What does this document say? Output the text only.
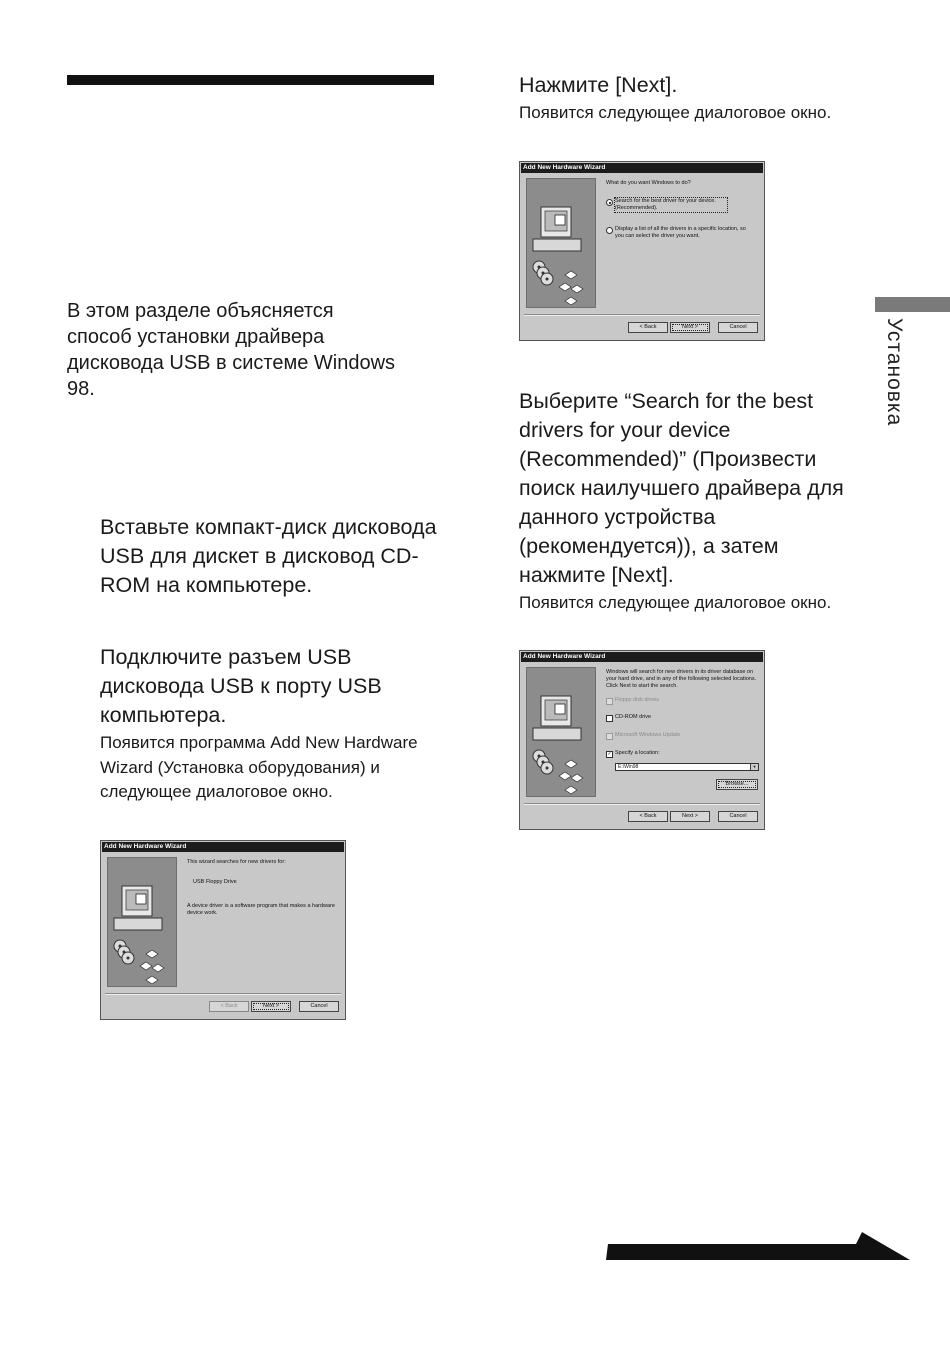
Установка
В этом разделе объясняется способ установки драйвера дисковода USB в системе Windows 98.
Вставьте компакт-диск дисковода USB для дискет в дисковод CD-ROM на компьютере.
Подключите разъем USB дисковода USB к порту USB компьютера.
Появится программа Add New Hardware Wizard (Установка оборудования) и следующее диалоговое окно.
Add New Hardware Wizard
This wizard searches for new drivers for:
USB Floppy Drive
A device driver is a software program that makes a hardware device work.
< Back	Next >	Cancel
Нажмите [Next].
Появится следующее диалоговое окно.
Add New Hardware Wizard
What do you want Windows to do?
Search for the best driver for your device. (Recommended).
Display a list of all the drivers in a specific location, so you can select the driver you want.
< Back	Next >	Cancel
Выберите “Search for the best drivers for your device (Recommended)” (Произвести поиск наилучшего драйвера для данного устройства (рекомендуется)), а затем нажмите [Next].
Появится следующее диалоговое окно.
Add New Hardware Wizard
Windows will search for new drivers in its driver database on your hard drive, and in any of the following selected locations. Click Next to start the search.
Floppy disk drives
CD-ROM drive
Microsoft Windows Update
✓ Specify a location:
E:\Win98	▼
Browse...
< Back	Next >	Cancel
